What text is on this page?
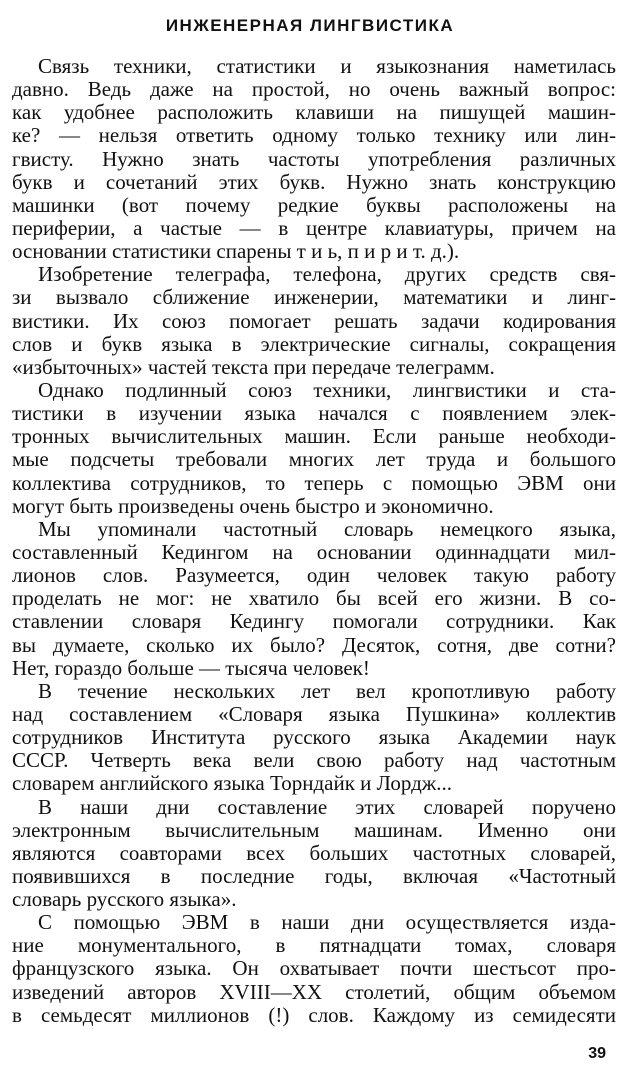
ИНЖЕНЕРНАЯ ЛИНГВИСТИКА
Связь техники, статистики и языкознания наметилась
давно. Ведь даже на простой, но очень важный вопрос:
как удобнее расположить клавиши на пишущей машин-
ке? — нельзя ответить одному только технику или лин-
гвисту. Нужно знать частоты употребления различных
букв и сочетаний этих букв. Нужно знать конструкцию
машинки (вот почему редкие буквы расположены на
периферии, а частые — в центре клавиатуры, причем на
основании статистики спарены т и ь, п и р и т. д.).
Изобретение телеграфа, телефона, других средств свя-
зи вызвало сближение инженерии, математики и линг-
вистики. Их союз помогает решать задачи кодирования
слов и букв языка в электрические сигналы, сокращения
«избыточных» частей текста при передаче телеграмм.
Однако подлинный союз техники, лингвистики и ста-
тистики в изучении языка начался с появлением элек-
тронных вычислительных машин. Если раньше необходи-
мые подсчеты требовали многих лет труда и большого
коллектива сотрудников, то теперь с помощью ЭВМ они
могут быть произведены очень быстро и экономично.
Мы упоминали частотный словарь немецкого языка,
составленный Кедингом на основании одиннадцати мил-
лионов слов. Разумеется, один человек такую работу
проделать не мог: не хватило бы всей его жизни. В со-
ставлении словаря Кедингу помогали сотрудники. Как
вы думаете, сколько их было? Десяток, сотня, две сотни?
Нет, гораздо больше — тысяча человек!
В течение нескольких лет вел кропотливую работу
над составлением «Словаря языка Пушкина» коллектив
сотрудников Института русского языка Академии наук
СССР. Четверть века вели свою работу над частотным
словарем английского языка Торндайк и Лордж...
В наши дни составление этих словарей поручено
электронным вычислительным машинам. Именно они
являются соавторами всех больших частотных словарей,
появившихся в последние годы, включая «Частотный
словарь русского языка».
С помощью ЭВМ в наши дни осуществляется изда-
ние монументального, в пятнадцати томах, словаря
французского языка. Он охватывает почти шестьсот про-
изведений авторов XVIII—XX столетий, общим объемом
в семьдесят миллионов (!) слов. Каждому из семидесяти
39
